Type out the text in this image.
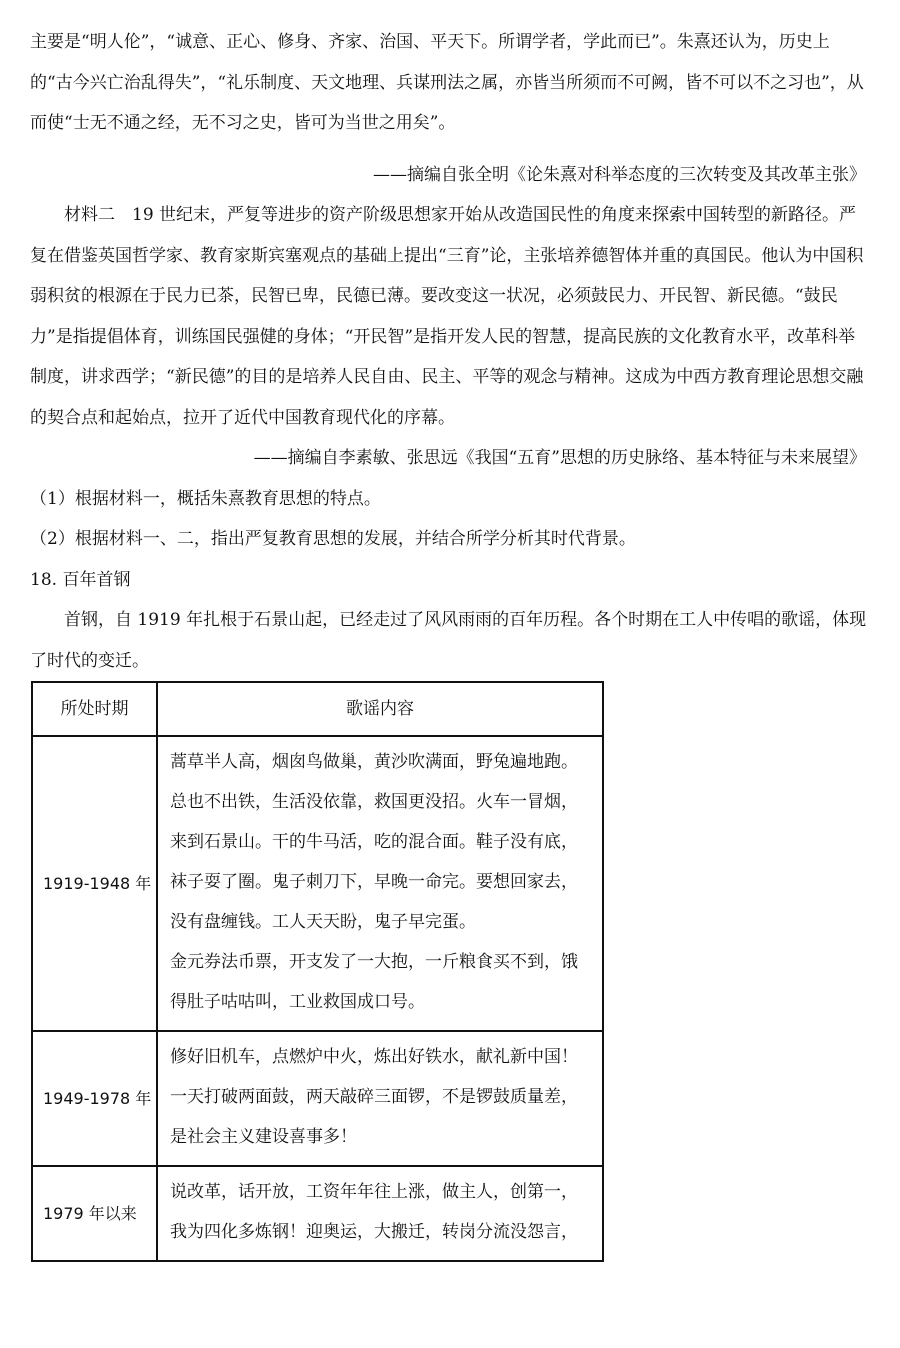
主要是“明人伦”，“诚意、正心、修身、齐家、治国、平天下。所谓学者，学此而已”。朱熹还认为，历史上的“古今兴亡治乱得失”，“礼乐制度、天文地理、兵谋刑法之属，亦皆当所须而不可阙，皆不可以不之习也”，从而使“士无不通之经，无不习之史，皆可为当世之用矣”。

——摘编自张全明《论朱熹对科举态度的三次转变及其改革主张》

材料二　19 世纪末，严复等进步的资产阶级思想家开始从改造国民性的角度来探索中国转型的新路径。严复在借鉴英国哲学家、教育家斯宾塞观点的基础上提出“三育”论，主张培养德智体并重的真国民。他认为中国积弱积贫的根源在于民力已茶，民智已卑，民德已薄。要改变这一状况，必须鼓民力、开民智、新民德。“鼓民力”是指提倡体育，训练国民强健的身体；“开民智”是指开发人民的智慧，提高民族的文化教育水平，改革科举制度，讲求西学；“新民德”的目的是培养人民自由、民主、平等的观念与精神。这成为中西方教育理论思想交融的契合点和起始点，拉开了近代中国教育现代化的序幕。

——摘编自李素敏、张思远《我国“五育”思想的历史脉络、基本特征与未来展望》
（1）根据材料一，概括朱熹教育思想的特点。
（2）根据材料一、二，指出严复教育思想的发展，并结合所学分析其时代背景。
18. 百年首钢

首钢，自 1919 年扎根于石景山起，已经走过了风风雨雨的百年历程。各个时期在工人中传唱的歌谣，体现了时代的变迁。

所处时期	歌谣内容
1919-1948 年	蒿草半人高，烟囱鸟做巢，黄沙吹满面，野兔遍地跑。总也不出铁，生活没依靠，救国更没招。火车一冒烟，来到石景山。干的牛马活，吃的混合面。鞋子没有底，袜子耍了圈。鬼子刺刀下，早晚一命完。要想回家去，没有盘缠钱。工人天天盼，鬼子早完蛋。
金元券法币票，开支发了一大抱，一斤粮食买不到，饿得肚子咕咕叫，工业救国成口号。

1949-1978 年	修好旧机车，点燃炉中火，炼出好铁水，献礼新中国！一天打破两面鼓，两天敲碎三面锣，不是锣鼓质量差，是社会主义建设喜事多！

1979 年以来	说改革，话开放，工资年年往上涨，做主人，创第一，我为四化多炼钢！迎奥运，大搬迁，转岗分流没怨言，
